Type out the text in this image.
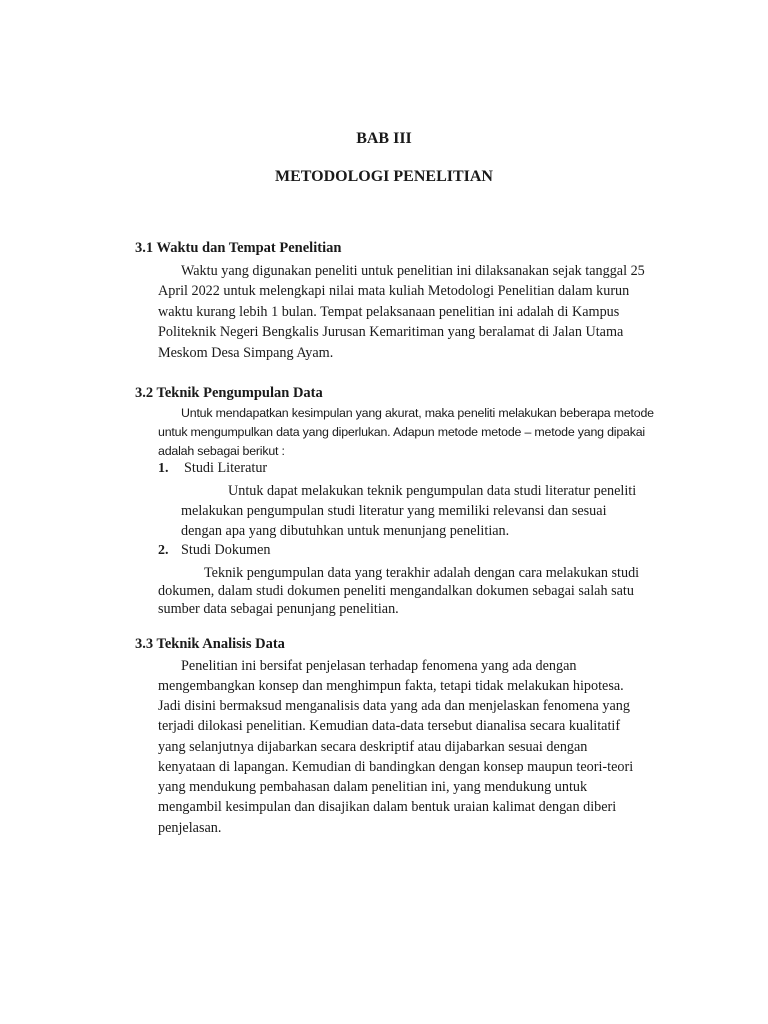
BAB III
METODOLOGI PENELITIAN
3.1 Waktu dan Tempat Penelitian
Waktu yang digunakan peneliti untuk penelitian ini dilaksanakan sejak tanggal 25
April 2022 untuk melengkapi nilai mata kuliah Metodologi Penelitian dalam kurun
waktu kurang lebih 1 bulan. Tempat pelaksanaan penelitian ini adalah di Kampus
Politeknik Negeri Bengkalis Jurusan Kemaritiman yang beralamat di Jalan Utama
Meskom Desa Simpang Ayam.
3.2 Teknik Pengumpulan Data
Untuk mendapatkan kesimpulan yang akurat, maka peneliti melakukan beberapa metode
untuk mengumpulkan data yang diperlukan. Adapun metode metode – metode yang dipakai
adalah sebagai berikut :
1. Studi Literatur
Untuk dapat melakukan teknik pengumpulan data studi literatur peneliti
melakukan pengumpulan studi literatur yang memiliki relevansi dan sesuai
dengan apa yang dibutuhkan untuk menunjang penelitian.
2. Studi Dokumen
Teknik pengumpulan data yang terakhir adalah dengan cara melakukan studi
dokumen, dalam studi dokumen peneliti mengandalkan dokumen sebagai salah satu
sumber data sebagai penunjang penelitian.
3.3 Teknik Analisis Data
Penelitian ini bersifat penjelasan terhadap fenomena yang ada dengan
mengembangkan konsep dan menghimpun fakta, tetapi tidak melakukan hipotesa.
Jadi disini bermaksud menganalisis data yang ada dan menjelaskan fenomena yang
terjadi dilokasi penelitian. Kemudian data-data tersebut dianalisa secara kualitatif
yang selanjutnya dijabarkan secara deskriptif atau dijabarkan sesuai dengan
kenyataan di lapangan. Kemudian di bandingkan dengan konsep maupun teori-teori
yang mendukung pembahasan dalam penelitian ini, yang mendukung untuk
mengambil kesimpulan dan disajikan dalam bentuk uraian kalimat dengan diberi
penjelasan.
